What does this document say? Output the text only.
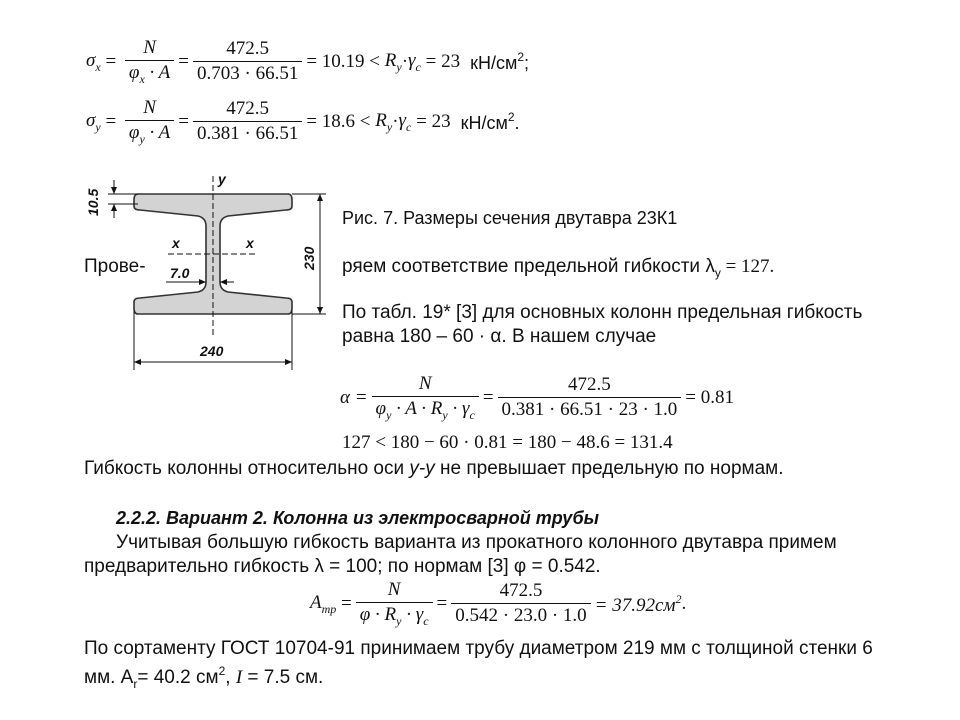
$\sigma_x = \frac{N}{\varphi_x \cdot A} = \frac{472.5}{0.703 \cdot 66.51} = 10.19 < R_y \cdot \gamma_c$
= 23 $кН/см^2$;
$\sigma_y = \frac{N}{\varphi_y \cdot A} = \frac{472.5}{0.381 \cdot 66.51} = 18.6 < R_y \cdot \gamma_c$
= 23 $кН/см^2$.
10.5
7.0
230
240
y
x	x
Рис. 7. Размеры сечения двутавра 23К1
Прове-	ряем соответствие предельной гибкости $\lambda_y = 127$.
По табл. 19* [3] для основных колонн предельная гибкость
равна 180 – 60 · α. В нашем случае
$\alpha = \frac{N}{\varphi_y \cdot A \cdot R_y \cdot \gamma_c} = \frac{472.5}{0.381 \cdot 66.51 \cdot 23 \cdot 1.0} = 0.81$
127 < 180 − 60 · 0.81 = 180 − 48.6 = 131.4
Гибкость колонны относительно оси y-y не превышает предельную по нормам.
2.2.2. Вариант 2. Колонна из электросварной трубы
Учитывая большую гибкость варианта из прокатного колонного двутавра примем
предварительно гибкость λ = 100; по нормам [3] φ = 0.542.
$A_{тр} = \frac{N}{\varphi \cdot R_y \cdot \gamma_c} = \frac{472.5}{0.542 \cdot 23.0 \cdot 1.0} = 37.92см^2$ .
По сортаменту ГОСТ 10704-91 принимаем трубу диаметром 219 мм с толщиной стенки 6
мм. $А_r= 40.2$ $см^2$, I = 7.5 см.
